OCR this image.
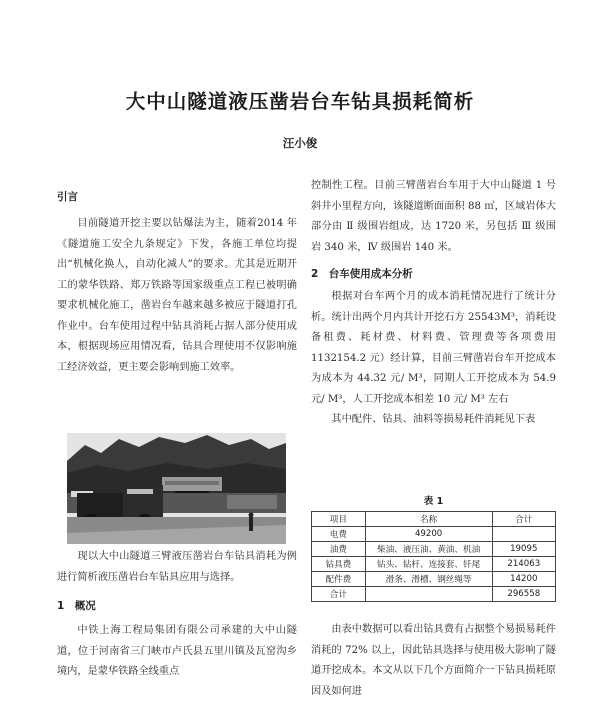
大中山隧道液压凿岩台车钻具损耗简析
汪小俊
引言

目前隧道开挖主要以钻爆法为主，随着2014 年《隧道施工安全九条规定》下发，各施工单位均提出“机械化换人，自动化减人”的要求。尤其是近期开工的蒙华铁路、郑万铁路等国家级重点工程已被明确要求机械化施工，凿岩台车越来越多被应于隧道打孔作业中。台车使用过程中钻具消耗占据人部分使用成本，根据现场应用情况看，钻具合理使用不仅影响施工经济效益，更主要会影响到施工效率。

现以大中山隧道三臂液压凿岩台车钻具消耗为例进行简析液压凿岩台车钻具应用与选择。

1　概况

中铁上海工程局集团有限公司承建的大中山隧道，位于河南省三门峡市卢氏县五里川镇及瓦窑沟乡境内，是蒙华铁路全线重点

控制性工程。目前三臂凿岩台车用于大中山隧道 1 号斜井小里程方向，该隧道断面面积 88 ㎡，区域岩体大部分由 Ⅱ 级围岩组成，达 1720 米，另包括 Ⅲ 级围岩 340 米，Ⅳ 级围岩 140 米。

2　台车使用成本分析

根据对台车两个月的成本消耗情况进行了统计分析。统计出两个月内共计开挖石方 25543M³，消耗设备租费、耗材费、材料费、管理费等各项费用 1132154.2 元）经计算，目前三臂凿岩台车开挖成本为成本为 44.32 元/ M³，同期人工开挖成本为 54.9 元/ M³，人工开挖成本相差 10 元/ M³ 左右

其中配件、钻具、油料等损易耗件消耗见下表

表 1
项目	名称	合计
电费	49200	
油费	柴油、液压油、黄油、机油	19095
钻具费	钻头、钻杆、连接套、钎尾	214063
配件费	滑条、滑槽、钢丝绳等	14200
合计		296558

由表中数据可以看出钻具费有占据整个易损易耗件消耗的 72% 以上，因此钻具选择与使用极大影响了隧道开挖成本。本文从以下几个方面简介一下钻具损耗原因及如何进
